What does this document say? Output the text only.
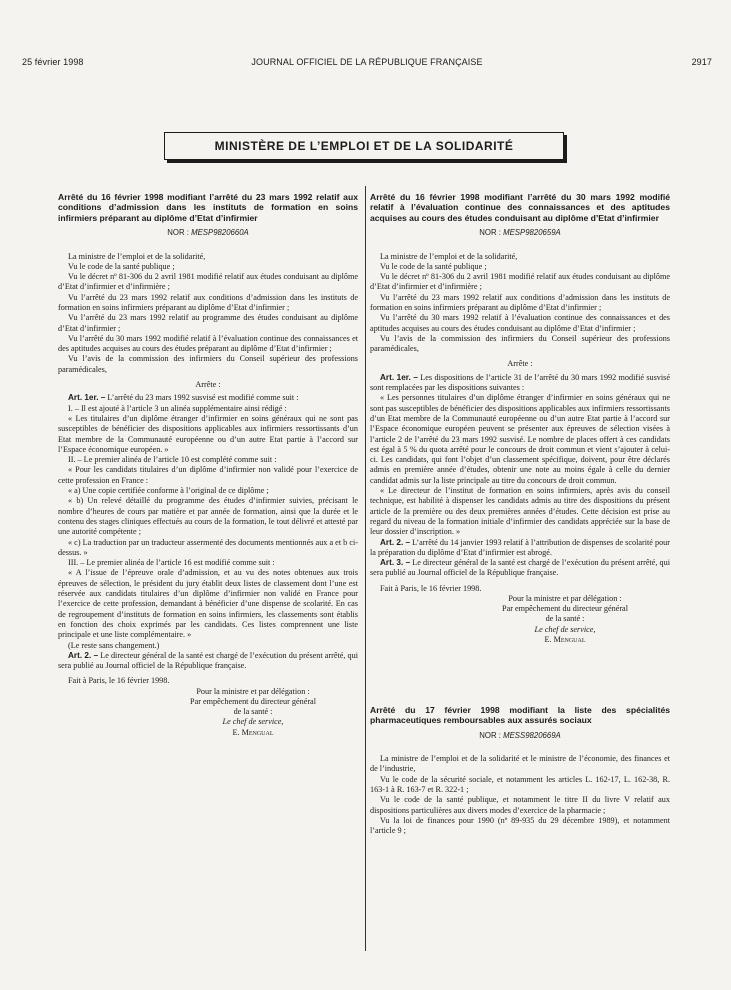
25 février 1998	JOURNAL OFFICIEL DE LA RÉPUBLIQUE FRANÇAISE	2917
MINISTÈRE DE L’EMPLOI ET DE LA SOLIDARITÉ
Arrêté du 16 février 1998 modifiant l’arrêté du 23 mars 1992 relatif aux conditions d’admission dans les instituts de formation en soins infirmiers préparant au diplôme d’Etat d’infirmier
NOR : MESP9820660A

La ministre de l’emploi et de la solidarité,

Vu le code de la santé publique ;

Vu le décret nº 81-306 du 2 avril 1981 modifié relatif aux études conduisant au diplôme d’Etat d’infirmier et d’infirmière ;

Vu l’arrêté du 23 mars 1992 relatif aux conditions d’admission dans les instituts de formation en soins infirmiers préparant au diplôme d’Etat d’infirmier ;

Vu l’arrêté du 23 mars 1992 relatif au programme des études conduisant au diplôme d’Etat d’infirmier ;

Vu l’arrêté du 30 mars 1992 modifié relatif à l’évaluation continue des connaissances et des aptitudes acquises au cours des études préparant au diplôme d’Etat d’infirmier ;

Vu l’avis de la commission des infirmiers du Conseil supérieur des professions paramédicales,

Arrête :

Art. 1er. – L’arrêté du 23 mars 1992 susvisé est modifié comme suit :

I. – Il est ajouté à l’article 3 un alinéa supplémentaire ainsi rédigé :

« Les titulaires d’un diplôme étranger d’infirmier en soins généraux qui ne sont pas susceptibles de bénéficier des dispositions applicables aux infirmiers ressortissants d’un Etat membre de la Communauté européenne ou d’un autre Etat partie à l’accord sur l’Espace économique européen. »

II. – Le premier alinéa de l’article 10 est complété comme suit :

« Pour les candidats titulaires d’un diplôme d’infirmier non validé pour l’exercice de cette profession en France :

« a) Une copie certifiée conforme à l’original de ce diplôme ;

« b) Un relevé détaillé du programme des études d’infirmier suivies, précisant le nombre d’heures de cours par matière et par année de formation, ainsi que la durée et le contenu des stages cliniques effectués au cours de la formation, le tout délivré et attesté par une autorité compétente ;

« c) La traduction par un traducteur assermenté des documents mentionnés aux a et b ci-dessus. »

III. – Le premier alinéa de l’article 16 est modifié comme suit :

« A l’issue de l’épreuve orale d’admission, et au vu des notes obtenues aux trois épreuves de sélection, le président du jury établit deux listes de classement dont l’une est réservée aux candidats titulaires d’un diplôme d’infirmier non validé en France pour l’exercice de cette profession, demandant à bénéficier d’une dispense de scolarité. En cas de regroupement d’instituts de formation en soins infirmiers, les classements sont établis en fonction des choix exprimés par les candidats. Ces listes comprennent une liste principale et une liste complémentaire. »

(Le reste sans changement.)

Art. 2. – Le directeur général de la santé est chargé de l’exécution du présent arrêté, qui sera publié au Journal officiel de la République française.

Fait à Paris, le 16 février 1998.

Pour la ministre et par délégation :
Par empêchement du directeur général
de la santé :
Le chef de service,
E. Mengual
Arrêté du 16 février 1998 modifiant l’arrêté du 30 mars 1992 modifié relatif à l’évaluation continue des connaissances et des aptitudes acquises au cours des études conduisant au diplôme d’Etat d’infirmier
NOR : MESP9820659A

La ministre de l’emploi et de la solidarité,

Vu le code de la santé publique ;

Vu le décret nº 81-306 du 2 avril 1981 modifié relatif aux études conduisant au diplôme d’Etat d’infirmier et d’infirmière ;

Vu l’arrêté du 23 mars 1992 relatif aux conditions d’admission dans les instituts de formation en soins infirmiers préparant au diplôme d’Etat d’infirmier ;

Vu l’arrêté du 30 mars 1992 relatif à l’évaluation continue des connaissances et des aptitudes acquises au cours des études conduisant au diplôme d’Etat d’infirmier ;

Vu l’avis de la commission des infirmiers du Conseil supérieur des professions paramédicales,

Arrête :

Art. 1er. – Les dispositions de l’article 31 de l’arrêté du 30 mars 1992 modifié susvisé sont remplacées par les dispositions suivantes :

« Les personnes titulaires d’un diplôme étranger d’infirmier en soins généraux qui ne sont pas susceptibles de bénéficier des dispositions applicables aux infirmiers ressortissants d’un Etat membre de la Communauté européenne ou d’un autre Etat partie à l’accord sur l’Espace économique européen peuvent se présenter aux épreuves de sélection visées à l’article 2 de l’arrêté du 23 mars 1992 susvisé. Le nombre de places offert à ces candidats est égal à 5 % du quota arrêté pour le concours de droit commun et vient s’ajouter à celui-ci. Les candidats, qui font l’objet d’un classement spécifique, doivent, pour être déclarés admis en première année d’études, obtenir une note au moins égale à celle du dernier candidat admis sur la liste principale au titre du concours de droit commun.

« Le directeur de l’institut de formation en soins infirmiers, après avis du conseil technique, est habilité à dispenser les candidats admis au titre des dispositions du présent article de la première ou des deux premières années d’études. Cette décision est prise au regard du niveau de la formation initiale d’infirmier des candidats appréciée sur la base de leur dossier d’inscription. »

Art. 2. – L’arrêté du 14 janvier 1993 relatif à l’attribution de dispenses de scolarité pour la préparation du diplôme d’Etat d’infirmier est abrogé.

Art. 3. – Le directeur général de la santé est chargé de l’exécution du présent arrêté, qui sera publié au Journal officiel de la République française.

Fait à Paris, le 16 février 1998.

Pour la ministre et par délégation :
Par empêchement du directeur général
de la santé :
Le chef de service,
E. Mengual
Arrêté du 17 février 1998 modifiant la liste des spécialités pharmaceutiques remboursables aux assurés sociaux
NOR : MESS9820669A

La ministre de l’emploi et de la solidarité et le ministre de l’économie, des finances et de l’industrie,

Vu le code de la sécurité sociale, et notamment les articles L. 162-17, L. 162-38, R. 163-1 à R. 163-7 et R. 322-1 ;

Vu le code de la santé publique, et notamment le titre II du livre V relatif aux dispositions particulières aux divers modes d’exercice de la pharmacie ;

Vu la loi de finances pour 1990 (nº 89-935 du 29 décembre 1989), et notamment l’article 9 ;
